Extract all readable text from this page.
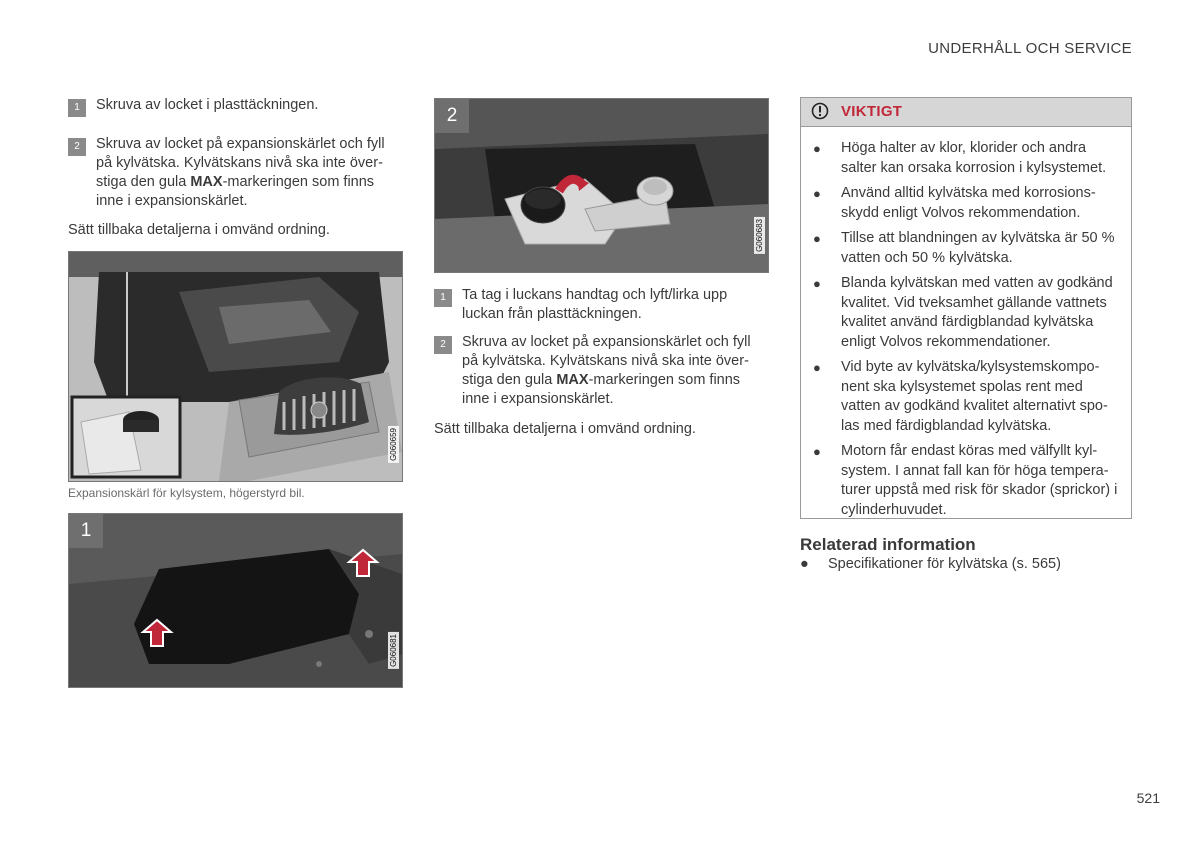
UNDERHÅLL OCH SERVICE
1	Skruva av locket i plasttäckningen.
2	Skruva av locket på expansionskärlet och fyll på kylvätska. Kylvätskans nivå ska inte över-stiga den gula MAX-markeringen som finns inne i expansionskärlet.
Sätt tillbaka detaljerna i omvänd ordning.
G060659
Expansionskärl för kylsystem, högerstyrd bil.
1
G060681
2
G060683
1	Ta tag i luckans handtag och lyft/lirka upp luckan från plasttäckningen.
2	Skruva av locket på expansionskärlet och fyll på kylvätska. Kylvätskans nivå ska inte över-stiga den gula MAX-markeringen som finns inne i expansionskärlet.
Sätt tillbaka detaljerna i omvänd ordning.
VIKTIGT
● Höga halter av klor, klorider och andra salter kan orsaka korrosion i kylsystemet.
● Använd alltid kylvätska med korrosions-skydd enligt Volvos rekommendation.
● Tillse att blandningen av kylvätska är 50 % vatten och 50 % kylvätska.
● Blanda kylvätskan med vatten av godkänd kvalitet. Vid tveksamhet gällande vattnets kvalitet använd färdigblandad kylvätska enligt Volvos rekommendationer.
● Vid byte av kylvätska/kylsystemskompo-nent ska kylsystemet spolas rent med vatten av godkänd kvalitet alternativt spo-las med färdigblandad kylvätska.
● Motorn får endast köras med välfyllt kyl-system. I annat fall kan för höga tempera-turer uppstå med risk för skador (sprickor) i cylinderhuvudet.
Relaterad information
● Specifikationer för kylvätska (s. 565)
521
